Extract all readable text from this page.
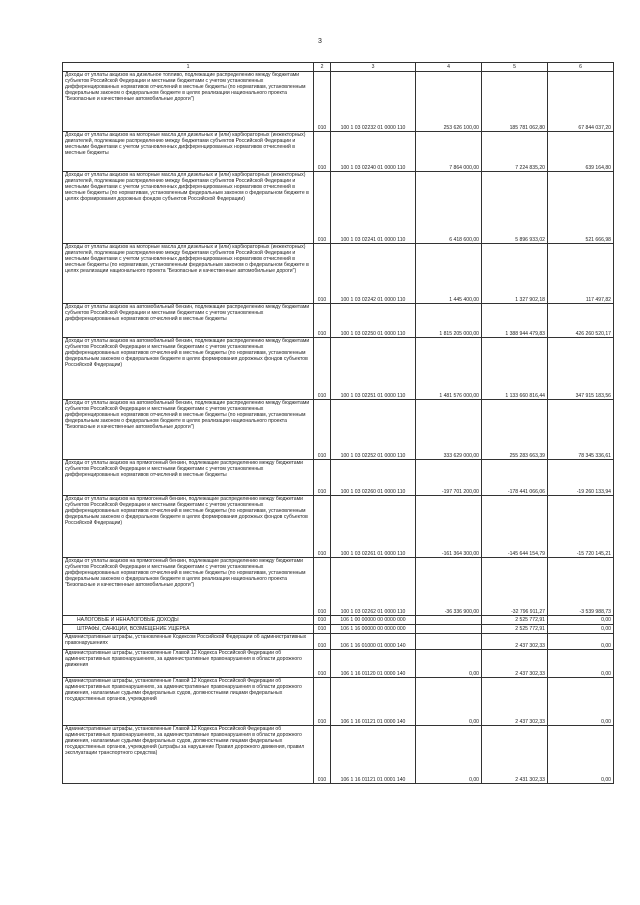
3
1	2	3	4	5	6
Доходы от уплаты акцизов на дизельное топливо, подлежащие распределению между бюджетами субъектов Российской Федерации и местными бюджетами с учетом установленных дифференцированных нормативов отчислений в местные бюджеты (по нормативам, установленным федеральным законом о федеральном бюджете в целях реализации национального проекта "Безопасные и качественные автомобильные дороги")	010	100 1 03 02232 01 0000 110	253 626 100,00	185 781 062,80	67 844 037,20
Доходы от уплаты акцизов на моторные масла для дизельных и (или) карбюраторных (инжекторных) двигателей, подлежащие распределению между бюджетами субъектов Российской Федерации и местными бюджетами с учетом установленных дифференцированных нормативов отчислений в местные бюджеты	010	100 1 03 02240 01 0000 110	7 864 000,00	7 224 835,20	639 164,80
Доходы от уплаты акцизов на моторные масла для дизельных и (или) карбюраторных (инжекторных) двигателей, подлежащие распределению между бюджетами субъектов Российской Федерации и местными бюджетами с учетом установленных дифференцированных нормативов отчислений в местные бюджеты (по нормативам, установленным федеральным законом о федеральном бюджете в целях формирования дорожных фондов субъектов Российской Федерации)	010	100 1 03 02241 01 0000 110	6 418 600,00	5 896 933,02	521 666,98
Доходы от уплаты акцизов на моторные масла для дизельных и (или) карбюраторных (инжекторных) двигателей, подлежащие распределению между бюджетами субъектов Российской Федерации и местными бюджетами с учетом установленных дифференцированных нормативов отчислений в местные бюджеты (по нормативам, установленным федеральным законом о федеральном бюджете в целях реализации национального проекта "Безопасные и качественные автомобильные дороги")	010	100 1 03 02242 01 0000 110	1 445 400,00	1 327 902,18	117 497,82
Доходы от уплаты акцизов на автомобильный бензин, подлежащие распределению между бюджетами субъектов Российской Федерации и местными бюджетами с учетом установленных дифференцированных нормативов отчислений в местные бюджеты	010	100 1 03 02250 01 0000 110	1 815 205 000,00	1 388 944 479,83	426 260 520,17
Доходы от уплаты акцизов на автомобильный бензин, подлежащие распределению между бюджетами субъектов Российской Федерации и местными бюджетами с учетом установленных дифференцированных нормативов отчислений в местные бюджеты (по нормативам, установленным федеральным законом о федеральном бюджете в целях формирования дорожных фондов субъектов Российской Федерации)	010	100 1 03 02251 01 0000 110	1 481 576 000,00	1 133 660 816,44	347 915 183,56
Доходы от уплаты акцизов на автомобильный бензин, подлежащие распределению между бюджетами субъектов Российской Федерации и местными бюджетами с учетом установленных дифференцированных нормативов отчислений в местные бюджеты (по нормативам, установленным федеральным законом о федеральном бюджете в целях реализации национального проекта "Безопасные и качественные автомобильные дороги")	010	100 1 03 02252 01 0000 110	333 629 000,00	255 283 663,39	78 345 336,61
Доходы от уплаты акцизов на прямогонный бензин, подлежащие распределению между бюджетами субъектов Российской Федерации и местными бюджетами с учетом установленных дифференцированных нормативов отчислений в местные бюджеты	010	100 1 03 02260 01 0000 110	-197 701 200,00	-178 441 066,06	-19 260 133,94
Доходы от уплаты акцизов на прямогонный бензин, подлежащие распределению между бюджетами субъектов Российской Федерации и местными бюджетами с учетом установленных дифференцированных нормативов отчислений в местные бюджеты (по нормативам, установленным федеральным законом о федеральном бюджете в целях формирования дорожных фондов субъектов Российской Федерации)	010	100 1 03 02261 01 0000 110	-161 364 300,00	-145 644 154,79	-15 720 145,21
Доходы от уплаты акцизов на прямогонный бензин, подлежащие распределению между бюджетами субъектов Российской Федерации и местными бюджетами с учетом установленных дифференцированных нормативов отчислений в местные бюджеты (по нормативам, установленным федеральным законом о федеральном бюджете в целях реализации национального проекта "Безопасные и качественные автомобильные дороги")	010	100 1 03 02262 01 0000 110	-36 336 900,00	-32 796 911,27	-3 539 988,73
НАЛОГОВЫЕ И НЕНАЛОГОВЫЕ ДОХОДЫ	010	106 1 00 00000 00 0000 000		2 525 772,91	0,00
ШТРАФЫ, САНКЦИИ, ВОЗМЕЩЕНИЕ УЩЕРБА	010	106 1 16 00000 00 0000 000		2 525 772,91	0,00
Административные штрафы, установленные Кодексом Российской Федерации об административных правонарушениях	010	106 1 16 01000 01 0000 140		2 437 302,33	0,00
Административные штрафы, установленные Главой 12 Кодекса Российской Федерации об административных правонарушениях, за административные правонарушения в области дорожного движения	010	106 1 16 01120 01 0000 140	0,00	2 437 302,33	0,00
Административные штрафы, установленные Главой 12 Кодекса Российской Федерации об административных правонарушениях, за административные правонарушения в области дорожного движения, налагаемые судьями федеральных судов, должностными лицами федеральных государственных органов, учреждений	010	106 1 16 01121 01 0000 140	0,00	2 437 302,33	0,00
Административные штрафы, установленные Главой 12 Кодекса Российской Федерации об административных правонарушениях, за административные правонарушения в области дорожного движения, налагаемые судьями федеральных судов, должностными лицами федеральных государственных органов, учреждений (штрафы за нарушение Правил дорожного движения, правил эксплуатации транспортного средства)	010	106 1 16 01121 01 0001 140	0,00	2 431 302,33	0,00
